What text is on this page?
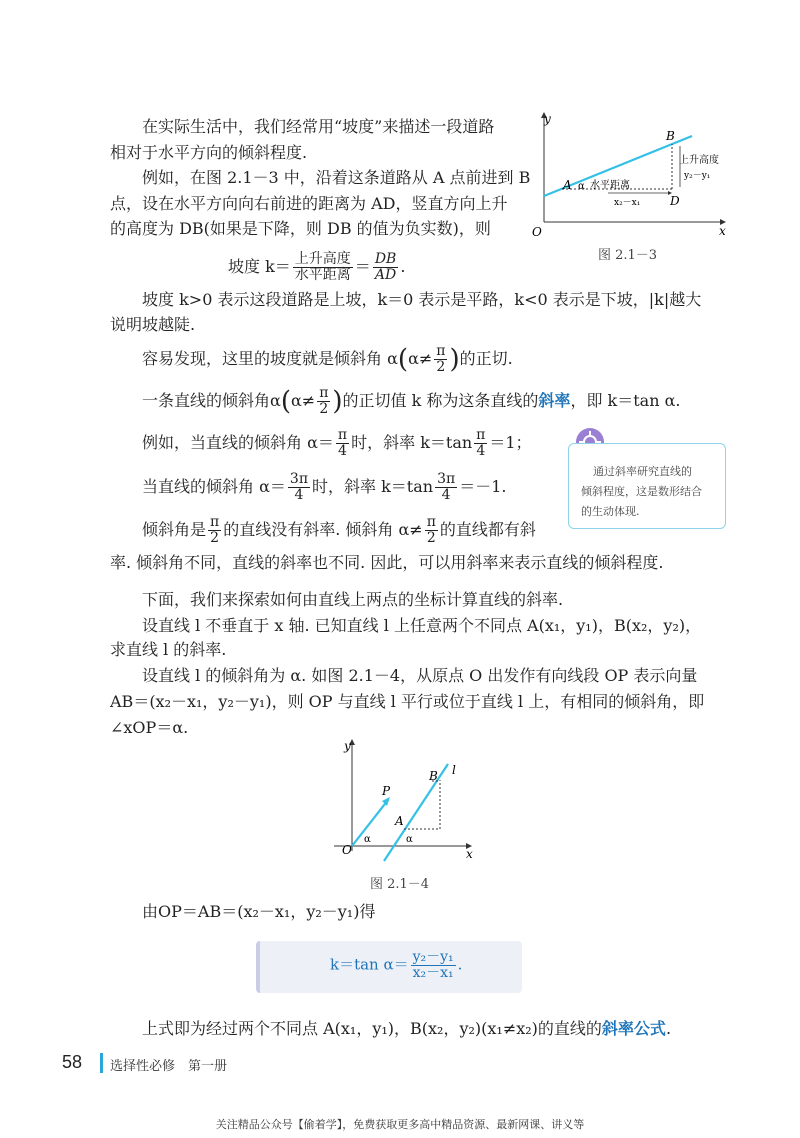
在实际生活中，我们经常用“坡度”来描述一段道路
相对于水平方向的倾斜程度.
例如，在图 2.1－3 中，沿着这条道路从 A 点前进到 B
点，设在水平方向向右前进的距离为 AD，竖直方向上升
的高度为 DB(如果是下降，则 DB 的值为负实数)，则
坡度 $k= \frac{\text{上升高度}}{\text{水平距离}} = \frac{DB}{AD}$ .
y
x
O
A
B
D
α 水平距离
x₂－x₁
上升高度
y₂－y₁
图 2.1－3
坡度 k>0 表示这段道路是上坡，k＝0 表示是平路，k<0 表示是下坡，|k|越大
说明坡越陡.
容易发现，这里的坡度就是倾斜角 $\alpha(\alpha\ne \frac{\pi}{2}$ )的正切.
一条直线的倾斜角$\alpha(\alpha\ne \frac{\pi}{2}$ )的正切值 k 称为这条直线的斜率，即 k＝tan α.
例如，当直线的倾斜角 $\alpha= \frac{\pi}{4}$ 时，斜率 $k=\tan \frac{\pi}{4} =1$；
当直线的倾斜角 $\alpha= \frac{3\pi}{4}$ 时，斜率 $k=\tan \frac{3\pi}{4} =-1$.
通过斜率研究直线的
倾斜程度，这是数形结合
的生动体现.
倾斜角是 $\frac{\pi}{2}$ 的直线没有斜率. 倾斜角 $\alpha\ne \frac{\pi}{2}$ 的直线都有斜
率. 倾斜角不同，直线的斜率也不同. 因此，可以用斜率来表示直线的倾斜程度.
下面，我们来探索如何由直线上两点的坐标计算直线的斜率.
设直线 l 不垂直于 x 轴. 已知直线 l 上任意两个不同点 A(x₁，y₁)，B(x₂，y₂)，
求直线 l 的斜率.
设直线 l 的倾斜角为 α. 如图 2.1－4，从原点 O 出发作有向线段 OP 表示向量
AB＝(x₂－x₁，y₂－y₁)，则 OP 与直线 l 平行或位于直线 l 上，有相同的倾斜角，即
∠xOP＝α.
y
x
O
P
A
B l
α	α
图 2.1－4
由OP＝AB＝(x₂－x₁，y₂－y₁)得
k＝tan $\alpha= \frac{\text{y₂－y₁}}{\text{x₂－x₁}}$ .
上式即为经过两个不同点 A(x₁，y₁)，B(x₂，y₂)(x₁≠x₂)的直线的斜率公式.
58 选择性必修　第一册
关注精品公众号【偷着学】，免费获取更多高中精品资源、最新网课、讲义等
